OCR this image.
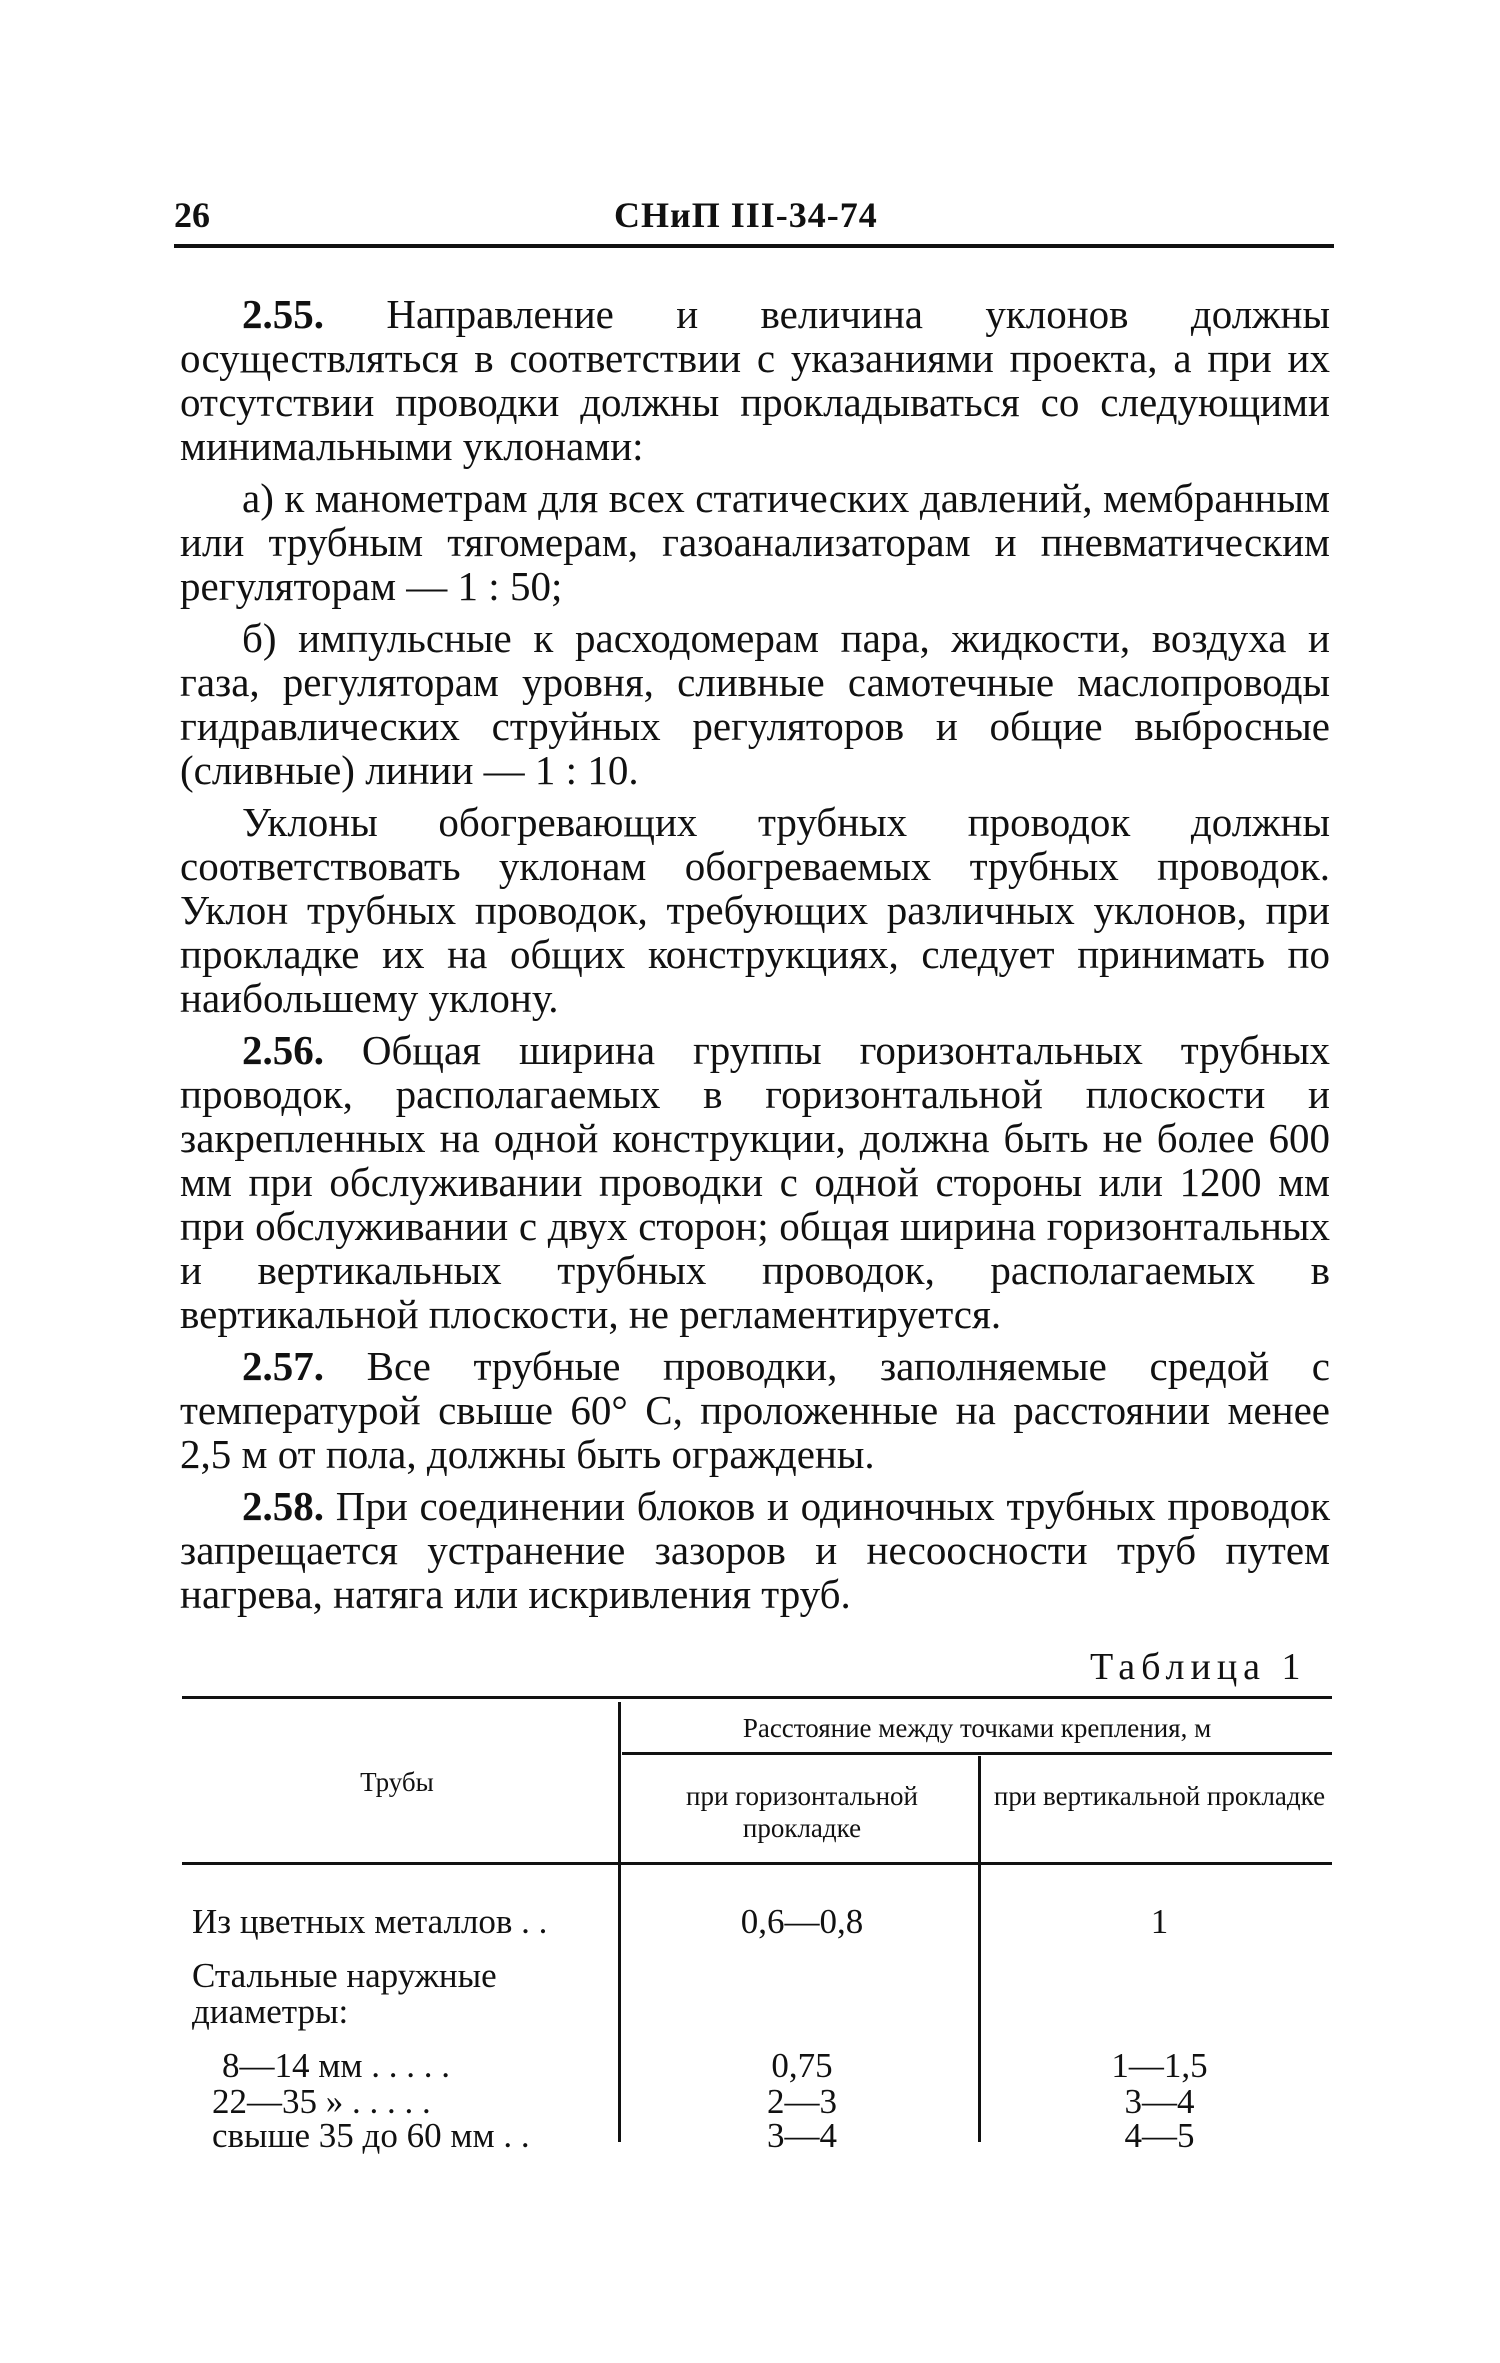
26	СНиП III-34-74

2.55. Направление и величина уклонов должны осуществляться в соответствии с указаниями проекта, а при их отсутствии проводки должны прокладываться со следующими минимальными уклонами:

а) к манометрам для всех статических давлений, мембранным или трубным тягомерам, газоанализаторам и пневматическим регуляторам — 1 : 50;

б) импульсные к расходомерам пара, жидкости, воздуха и газа, регуляторам уровня, сливные самотечные маслопроводы гидравлических струйных регуляторов и общие выбросные (сливные) линии — 1 : 10.

Уклоны обогревающих трубных проводок должны соответствовать уклонам обогреваемых трубных проводок. Уклон трубных проводок, требующих различных уклонов, при прокладке их на общих конструкциях, следует принимать по наибольшему уклону.

2.56. Общая ширина группы горизонтальных трубных проводок, располагаемых в горизонтальной плоскости и закрепленных на одной конструкции, должна быть не более 600 мм при обслуживании проводки с одной стороны или 1200 мм при обслуживании с двух сторон; общая ширина горизонтальных и вертикальных трубных проводок, располагаемых в вертикальной плоскости, не регламентируется.

2.57. Все трубные проводки, заполняемые средой с температурой свыше 60° С, проложенные на расстоянии менее 2,5 м от пола, должны быть ограждены.

2.58. При соединении блоков и одиночных трубных проводок запрещается устранение зазоров и несоосности труб путем нагрева, натяга или искривления труб.

Таблица 1
Трубы
Расстояние между точками крепления, м
при горизонтальной прокладке
при вертикальной прокладке
Из цветных металлов . .	0,6—0,8	1
Стальные наружные диаметры:
8—14 мм . . . . .	0,75	1—1,5
22—35 » . . . . .	2—3	3—4
свыше 35 до 60 мм . .	3—4	4—5
